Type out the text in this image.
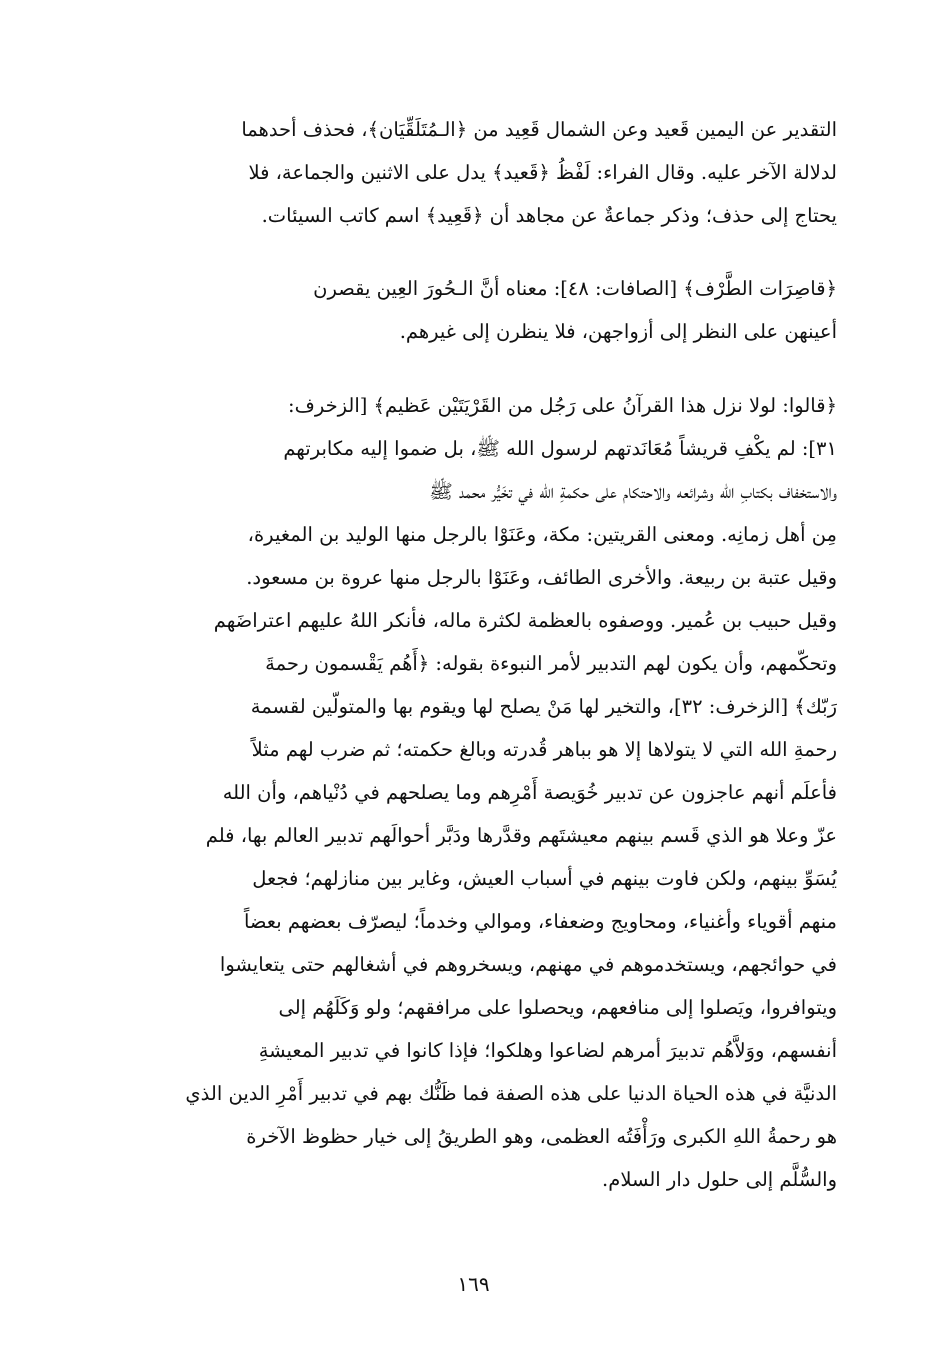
التقدير عن اليمين قَعيد وعن الشمال قَعِيد من ﴿الـمُتَلَقِّيَان﴾، فحذف أحدهما
لدلالة الآخر عليه. وقال الفراء: لَفْظُ ﴿قَعيد﴾ يدل على الاثنين والجماعة، فلا
يحتاج إلى حذف؛ وذكر جماعةٌ عن مجاهد أن ﴿قَعِيد﴾ اسم كاتب السيئات.
﴿قاصِرَات الطَّرْف﴾ [الصافات: ٤٨]: معناه أنَّ الـحُورَ العِين يقصرن
أعينهن على النظر إلى أزواجهن، فلا ينظرن إلى غيرهم.
﴿قالوا: لولا نزل هذا القرآنُ على رَجُل من القَرْيَتَيْن عَظيم﴾ [الزخرف:
٣١]: لم يكْفِ قريشاً مُعَانَدتهم لرسول الله ﷺ، بل ضموا إليه مكابرتهم
والاستخفاف بكتابِ الله وشرائعه والاحتكام على حكمةِ الله في تخَيُّر محمد ﷺ
مِن أهل زمانِه. ومعنى القريتين: مكة، وعَنَوْا بالرجل منها الوليد بن المغيرة،
وقيل عتبة بن ربيعة. والأخرى الطائف، وعَنَوْا بالرجل منها عروة بن مسعود.
وقيل حبيب بن عُمير. ووصفوه بالعظمة لكثرة ماله، فأنكر اللهُ عليهم اعتراضَهم
وتحكّمهم، وأن يكون لهم التدبير لأمر النبوءة بقوله: ﴿أَهُم يَقْسمون رحمةَ
رَبّك﴾ [الزخرف: ٣٢]، والتخير لها مَنْ يصلح لها ويقوم بها والمتولّين لقسمة
رحمةِ الله التي لا يتولاها إلا هو بباهر قُدرته وبالغ حكمته؛ ثم ضرب لهم مثلاً
فأعلَم أنهم عاجزون عن تدبير خُوَيصة أَمْرِهم وما يصلحهم في دُنْياهم، وأن الله
عزّ وعلا هو الذي قَسم بينهم معيشتَهم وقدَّرها ودَبَّر أحوالَهم تدبير العالم بها، فلم
يُسَوِّ بينهم، ولكن فاوت بينهم في أسباب العيش، وغاير بين منازلهم؛ فجعل
منهم أقوياء وأغنياء، ومحاويج وضعفاء، وموالي وخدماً؛ ليصرّف بعضهم بعضاً
في حوائجهم، ويستخدموهم في مهنهم، ويسخروهم في أشغالهم حتى يتعايشوا
ويتوافروا، ويَصلوا إلى منافعهم، ويحصلوا على مرافقهم؛ ولو وَكَلَهُم إلى
أنفسهم، ووَلاَّهُم تدبيرَ أمرهم لضاعوا وهلكوا؛ فإذا كانوا في تدبير المعيشةِ
الدنيَّة في هذه الحياة الدنيا على هذه الصفة فما ظَنُّك بهم في تدبير أَمْرِ الدين الذي
هو رحمةُ اللهِ الكبرى ورَأْفَتُه العظمى، وهو الطريقُ إلى خيار حظوظ الآخرة
والسُّلَّم إلى حلول دار السلام.
١٦٩
